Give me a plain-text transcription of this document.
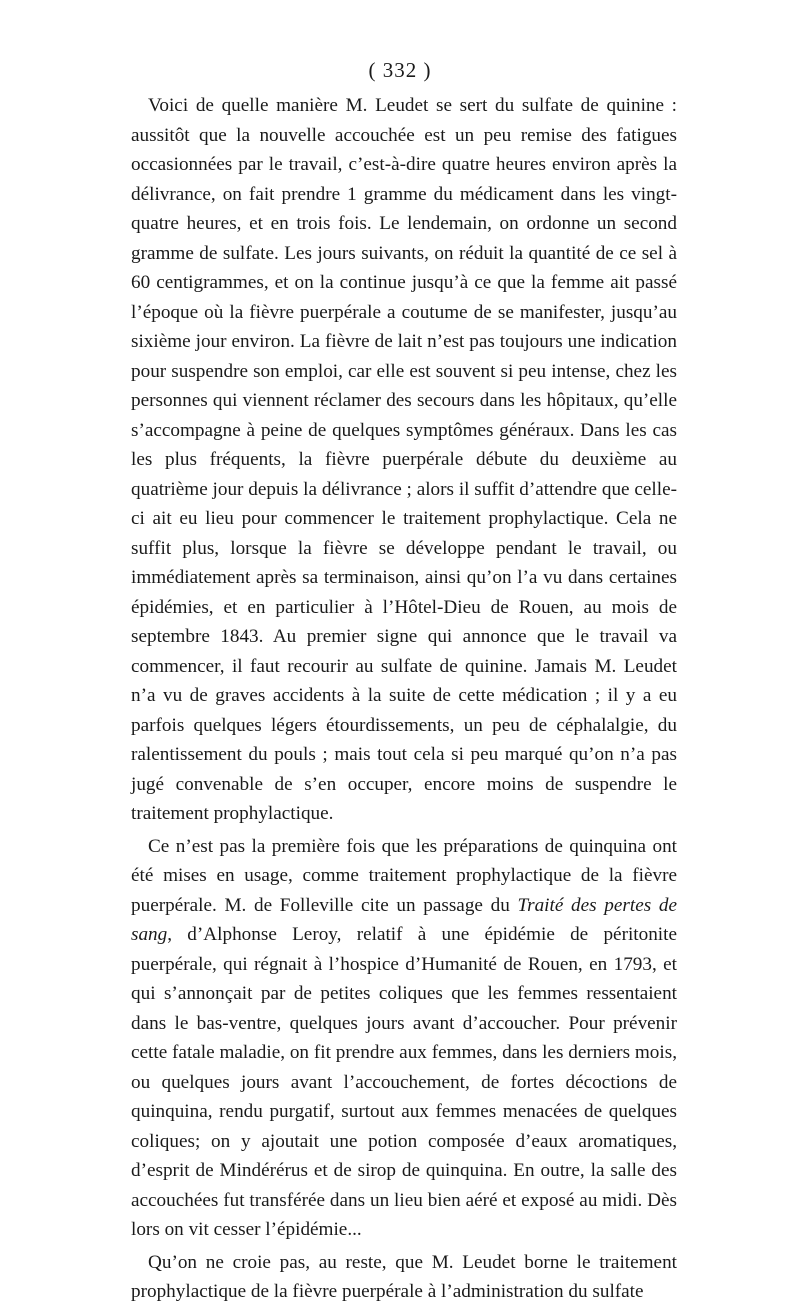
( 332 )

Voici de quelle manière M. Leudet se sert du sulfate de quinine : aussitôt que la nouvelle accouchée est un peu remise des fatigues occasionnées par le travail, c’est-à-dire quatre heures environ après la délivrance, on fait prendre 1 gramme du médicament dans les vingt-quatre heures, et en trois fois. Le lendemain, on ordonne un second gramme de sulfate. Les jours suivants, on réduit la quantité de ce sel à 60 centigrammes, et on la continue jusqu’à ce que la femme ait passé l’époque où la fièvre puerpérale a coutume de se manifester, jusqu’au sixième jour environ. La fièvre de lait n’est pas toujours une indication pour suspendre son emploi, car elle est souvent si peu intense, chez les personnes qui viennent réclamer des secours dans les hôpitaux, qu’elle s’accompagne à peine de quelques symptômes généraux. Dans les cas les plus fréquents, la fièvre puerpérale débute du deuxième au quatrième jour depuis la délivrance ; alors il suffit d’attendre que celle-ci ait eu lieu pour commencer le traitement prophylactique. Cela ne suffit plus, lorsque la fièvre se développe pendant le travail, ou immédiatement après sa terminaison, ainsi qu’on l’a vu dans certaines épidémies, et en particulier à l’Hôtel-Dieu de Rouen, au mois de septembre 1843. Au premier signe qui annonce que le travail va commencer, il faut recourir au sulfate de quinine. Jamais M. Leudet n’a vu de graves accidents à la suite de cette médication ; il y a eu parfois quelques légers étourdissements, un peu de céphalalgie, du ralentissement du pouls ; mais tout cela si peu marqué qu’on n’a pas jugé convenable de s’en occuper, encore moins de suspendre le traitement prophylactique.

Ce n’est pas la première fois que les préparations de quinquina ont été mises en usage, comme traitement prophylactique de la fièvre puerpérale. M. de Folleville cite un passage du Traité des pertes de sang, d’Alphonse Leroy, relatif à une épidémie de péritonite puerpérale, qui régnait à l’hospice d’Humanité de Rouen, en 1793, et qui s’annonçait par de petites coliques que les femmes ressentaient dans le bas-ventre, quelques jours avant d’accoucher. Pour prévenir cette fatale maladie, on fit prendre aux femmes, dans les derniers mois, ou quelques jours avant l’accouchement, de fortes décoctions de quinquina, rendu purgatif, surtout aux femmes menacées de quelques coliques; on y ajoutait une potion composée d’eaux aromatiques, d’esprit de Mindérérus et de sirop de quinquina. En outre, la salle des accouchées fut transférée dans un lieu bien aéré et exposé au midi. Dès lors on vit cesser l’épidémie...

Qu’on ne croie pas, au reste, que M. Leudet borne le traitement prophylactique de la fièvre puerpérale à l’administration du sulfate
